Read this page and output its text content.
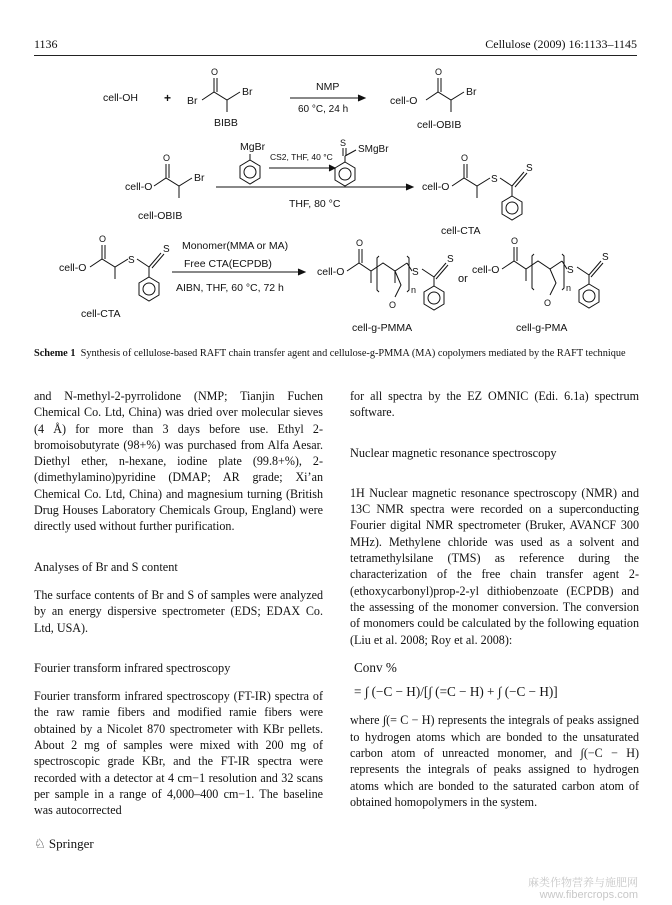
1136	Cellulose (2009) 16:1133–1145
cell-OH + Br
O
Br
BIBB
NMP
60 °C, 24 h
cell-O
O
Br
cell-OBIB
cell-O
O
Br
cell-OBIB
MgBr
CS2, THF, 40 °C
S
SMgBr
THF, 80 °C
cell-O
O
S
S
cell-CTA
cell-O
O
S
S
cell-CTA
Monomer(MMA or MA)
Free CTA(ECPDB)
AIBN, THF, 60 °C, 72 h
cell-O
O
O
n
S
S
cell-g-PMMA
or
cell-O
O
O
n
S
S
cell-g-PMA
Scheme 1 Synthesis of cellulose-based RAFT chain transfer agent and cellulose-g-PMMA (MA) copolymers mediated by the RAFT technique

and N-methyl-2-pyrrolidone (NMP; Tianjin Fuchen Chemical Co. Ltd, China) was dried over molecular sieves (4 Å) for more than 3 days before use. Ethyl 2-bromoisobutyrate (98+%) was purchased from Alfa Aesar. Diethyl ether, n-hexane, iodine plate (99.8+%), 2-(dimethylamino)pyridine (DMAP; AR grade; Xi’an Chemical Co. Ltd, China) and magnesium turning (British Drug Houses Laboratory Chemicals Group, England) were directly used without further purification.

Analyses of Br and S content

The surface contents of Br and S of samples were analyzed by an energy dispersive spectrometer (EDS; EDAX Co. Ltd, USA).

Fourier transform infrared spectroscopy

Fourier transform infrared spectroscopy (FT-IR) spectra of the raw ramie fibers and modified ramie fibers were obtained by a Nicolet 870 spectrometer with KBr pellets. About 2 mg of samples were mixed with 200 mg of spectroscopic grade KBr, and the FT-IR spectra were recorded with a detector at 4 cm−1 resolution and 32 scans per sample in a range of 4,000–400 cm−1. The baseline was autocorrected

for all spectra by the EZ OMNIC (Edi. 6.1a) spectrum software.

Nuclear magnetic resonance spectroscopy

1H Nuclear magnetic resonance spectroscopy (NMR) and 13C NMR spectra were recorded on a superconducting Fourier digital NMR spectrometer (Bruker, AVANCF 300 MHz). Methylene chloride was used as a solvent and tetramethylsilane (TMS) as reference during the characterization of the free chain transfer agent 2-(ethoxycarbonyl)prop-2-yl dithiobenzoate (ECPDB) and the assessing of the monomer conversion. The conversion of monomers could be calculated by the following equation (Liu et al. 2008; Roy et al. 2008):

Conv %

= ∫ (−C − H)/[∫ (=C − H) + ∫ (−C − H)]

where ∫(= C − H) represents the integrals of peaks assigned to hydrogen atoms which are bonded to the unsaturated carbon atom of unreacted monomer, and ∫(−C − H) represents the integrals of peaks assigned to hydrogen atoms which are bonded to the saturated carbon atom of obtained homopolymers in the system.

♘ Springer
麻类作物营养与施肥网
www.fibercrops.com
